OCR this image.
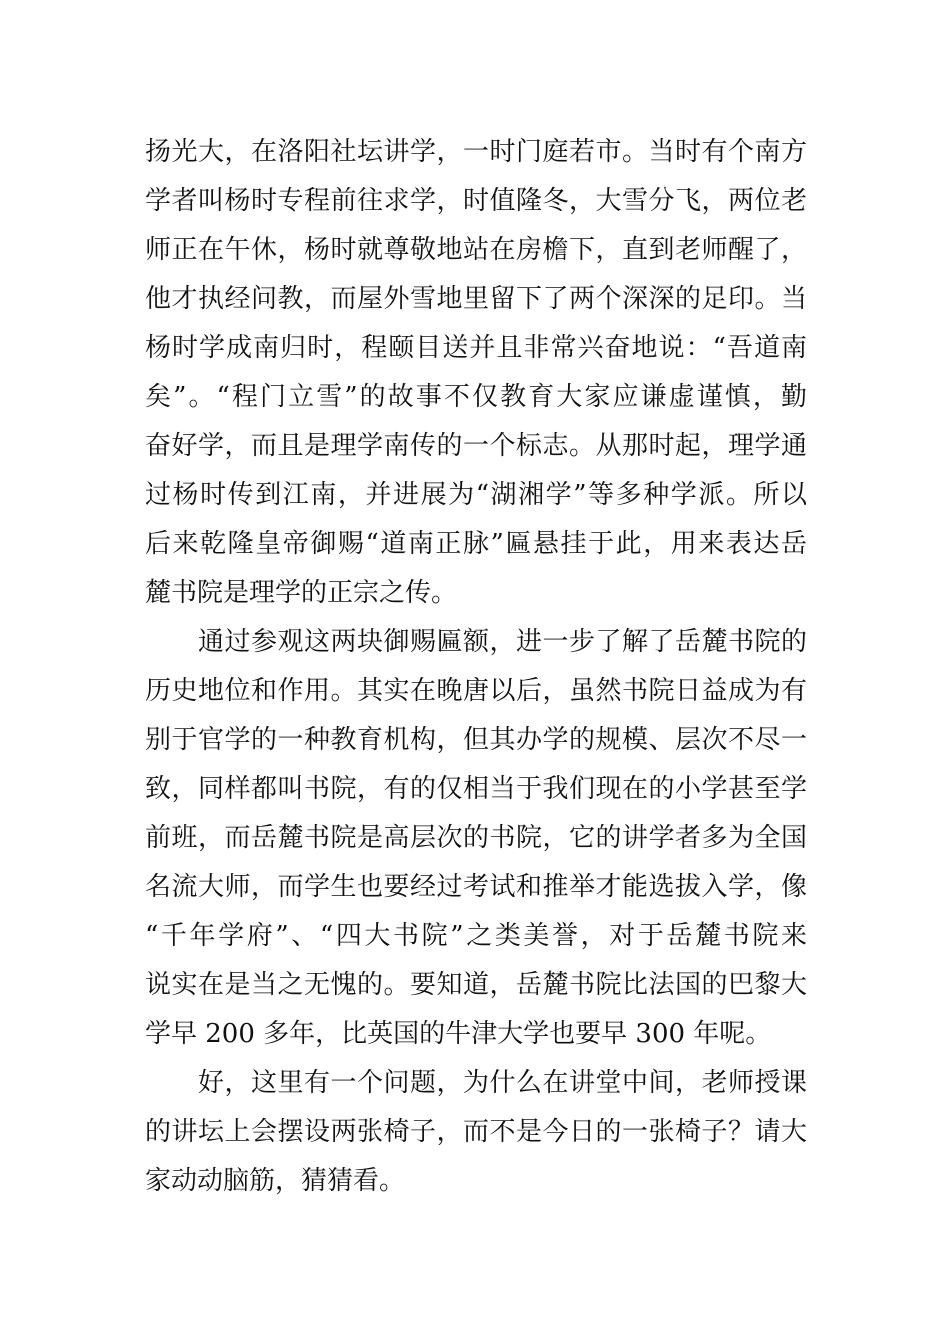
扬光大，在洛阳社坛讲学，一时门庭若市。当时有个南方
学者叫杨时专程前往求学，时值隆冬，大雪分飞，两位老
师正在午休，杨时就尊敬地站在房檐下，直到老师醒了，
他才执经问教，而屋外雪地里留下了两个深深的足印。当
杨时学成南归时，程颐目送并且非常兴奋地说：“吾道南
矣”。“程门立雪”的故事不仅教育大家应谦虚谨慎，勤
奋好学，而且是理学南传的一个标志。从那时起，理学通
过杨时传到江南，并进展为“湖湘学”等多种学派。所以
后来乾隆皇帝御赐“道南正脉”匾悬挂于此，用来表达岳
麓书院是理学的正宗之传。
　　通过参观这两块御赐匾额，进一步了解了岳麓书院的
历史地位和作用。其实在晚唐以后，虽然书院日益成为有
别于官学的一种教育机构，但其办学的规模、层次不尽一
致，同样都叫书院，有的仅相当于我们现在的小学甚至学
前班，而岳麓书院是高层次的书院，它的讲学者多为全国
名流大师，而学生也要经过考试和推举才能选拔入学，像
“千年学府”、“四大书院”之类美誉，对于岳麓书院来
说实在是当之无愧的。要知道，岳麓书院比法国的巴黎大
学早 200 多年，比英国的牛津大学也要早 300 年呢。
　　好，这里有一个问题，为什么在讲堂中间，老师授课
的讲坛上会摆设两张椅子，而不是今日的一张椅子？请大
家动动脑筋，猜猜看。
